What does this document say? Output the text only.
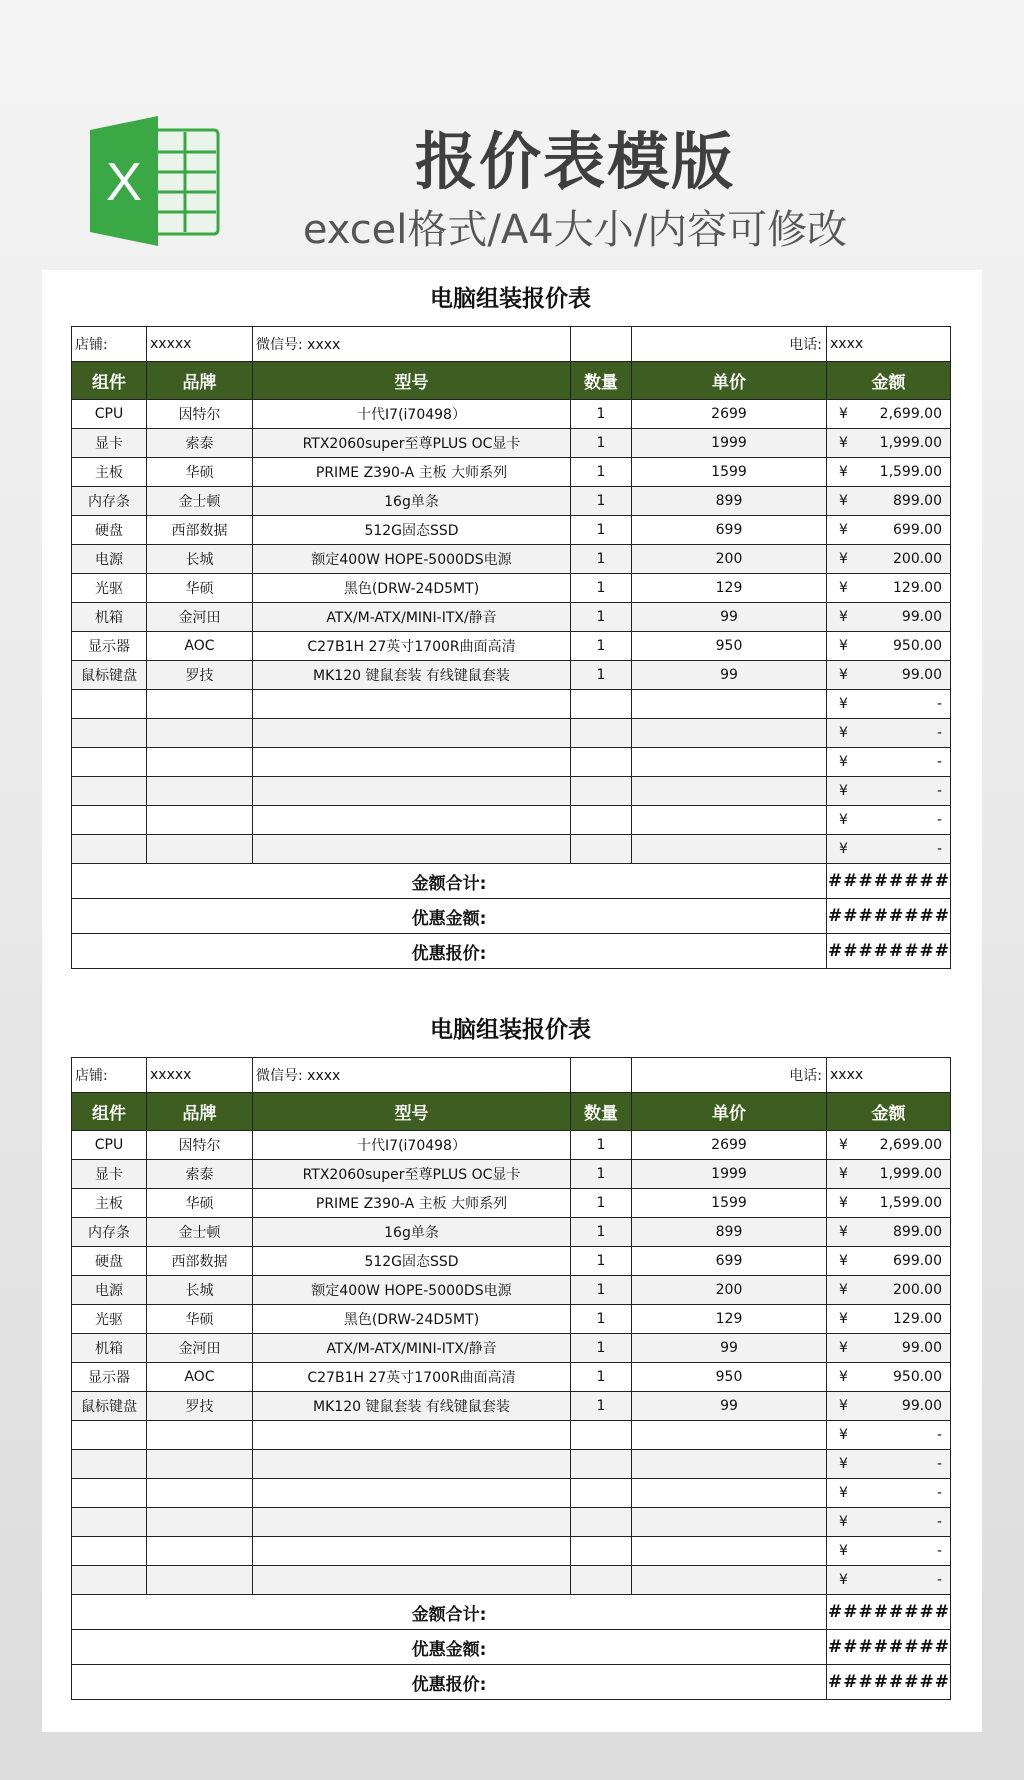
X	报价表模版
excel格式/A4大小/内容可修改
电脑组装报价表
店铺:	xxxxx	微信号: xxxx		电话:	xxxx
组件	品牌	型号	数量	单价	金额
CPU	因特尔	十代I7(i70498）	1	2699	¥ 2,699.00

显卡	索泰	RTX2060super至尊PLUS OC显卡	1	1999	¥ 1,999.00

主板	华硕	PRIME Z390-A 主板 大师系列	1	1599	¥ 1,599.00

内存条	金士顿	16g单条	1	899	¥ 899.00

硬盘	西部数据	512G固态SSD	1	699	¥ 699.00

电源	长城	额定400W HOPE-5000DS电源	1	200	¥ 200.00

光驱	华硕	黑色(DRW-24D5MT)	1	129	¥ 129.00

机箱	金河田	ATX/M-ATX/MINI-ITX/静音	1	99	¥ 99.00

显示器	AOC	C27B1H 27英寸1700R曲面高清	1	950	¥ 950.00

鼠标键盘	罗技	MK120 键鼠套装 有线键鼠套装	1	99	¥ 99.00

					¥ -

					¥ -

					¥ -

					¥ -

					¥ -

					¥ -

金额合计:					########
优惠金额:					########
优惠报价:					########
电脑组装报价表
店铺:	xxxxx	微信号: xxxx		电话:	xxxx
组件	品牌	型号	数量	单价	金额
CPU	因特尔	十代I7(i70498）	1	2699	¥ 2,699.00

显卡	索泰	RTX2060super至尊PLUS OC显卡	1	1999	¥ 1,999.00

主板	华硕	PRIME Z390-A 主板 大师系列	1	1599	¥ 1,599.00

内存条	金士顿	16g单条	1	899	¥ 899.00

硬盘	西部数据	512G固态SSD	1	699	¥ 699.00

电源	长城	额定400W HOPE-5000DS电源	1	200	¥ 200.00

光驱	华硕	黑色(DRW-24D5MT)	1	129	¥ 129.00

机箱	金河田	ATX/M-ATX/MINI-ITX/静音	1	99	¥ 99.00

显示器	AOC	C27B1H 27英寸1700R曲面高清	1	950	¥ 950.00

鼠标键盘	罗技	MK120 键鼠套装 有线键鼠套装	1	99	¥ 99.00

					¥ -

					¥ -

					¥ -

					¥ -

					¥ -

					¥ -

金额合计:					########
优惠金额:					########
优惠报价:					########
